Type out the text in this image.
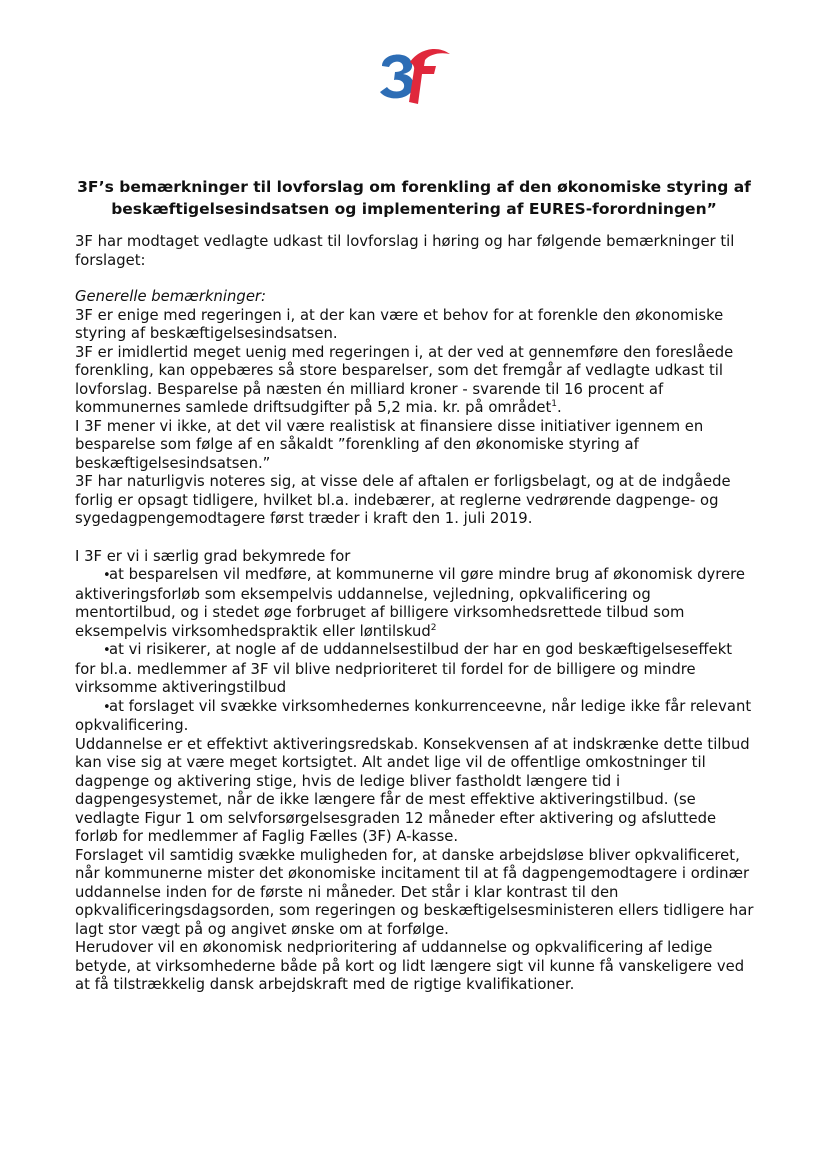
3F
3F’s bemærkninger til lovforslag om forenkling af den økonomiske styring af beskæftigelsesindsatsen og implementering af EURES-forordningen”

3F har modtaget vedlagte udkast til lovforslag i høring og har følgende bemærkninger til forslaget:

Generelle bemærkninger:

3F er enige med regeringen i, at der kan være et behov for at forenkle den økonomiske styring af beskæftigelsesindsatsen.

3F er imidlertid meget uenig med regeringen i, at der ved at gennemføre den foreslåede forenkling, kan oppebæres så store besparelser, som det fremgår af vedlagte udkast til lovforslag. Besparelse på næsten én milliard kroner - svarende til 16 procent af kommunernes samlede driftsudgifter på 5,2 mia. kr. på området$^1$.

I 3F mener vi ikke, at det vil være realistisk at finansiere disse initiativer igennem en besparelse som følge af en såkaldt ”forenkling af den økonomiske styring af beskæftigelsesindsatsen.”

3F har naturligvis noteres sig, at visse dele af aftalen er forligsbelagt, og at de indgåede forlig er opsagt tidligere, hvilket bl.a. indebærer, at reglerne vedrørende dagpenge- og sygedagpengemodtagere først træder i kraft den 1. juli 2019.

I 3F er vi i særlig grad bekymrede for

•at besparelsen vil medføre, at kommunerne vil gøre mindre brug af økonomisk dyrere aktiveringsforløb som eksempelvis uddannelse, vejledning, opkvalificering og mentortilbud, og i stedet øge forbruget af billigere virksomhedsrettede tilbud som eksempelvis virksomhedspraktik eller løntilskud$^2$
•at vi risikerer, at nogle af de uddannelsestilbud der har en god beskæftigelseseffekt for bl.a. medlemmer af 3F vil blive nedprioriteret til fordel for de billigere og mindre virksomme aktiveringstilbud
•at forslaget vil svække virksomhedernes konkurrenceevne, når ledige ikke får relevant opkvalificering.

Uddannelse er et effektivt aktiveringsredskab. Konsekvensen af at indskrænke dette tilbud kan vise sig at være meget kortsigtet. Alt andet lige vil de offentlige omkostninger til dagpenge og aktivering stige, hvis de ledige bliver fastholdt længere tid i dagpengesystemet, når de ikke længere får de mest effektive aktiveringstilbud. (se vedlagte Figur 1 om selvforsørgelsesgraden 12 måneder efter aktivering og afsluttede forløb for medlemmer af Faglig Fælles (3F) A-kasse.

Forslaget vil samtidig svække muligheden for, at danske arbejdsløse bliver opkvalificeret, når kommunerne mister det økonomiske incitament til at få dagpengemodtagere i ordinær uddannelse inden for de første ni måneder. Det står i klar kontrast til den opkvalificeringsdagsorden, som regeringen og beskæftigelsesministeren ellers tidligere har lagt stor vægt på og angivet ønske om at forfølge.

Herudover vil en økonomisk nedprioritering af uddannelse og opkvalificering af ledige betyde, at virksomhederne både på kort og lidt længere sigt vil kunne få vanskeligere ved at få tilstrækkelig dansk arbejdskraft med de rigtige kvalifikationer.
